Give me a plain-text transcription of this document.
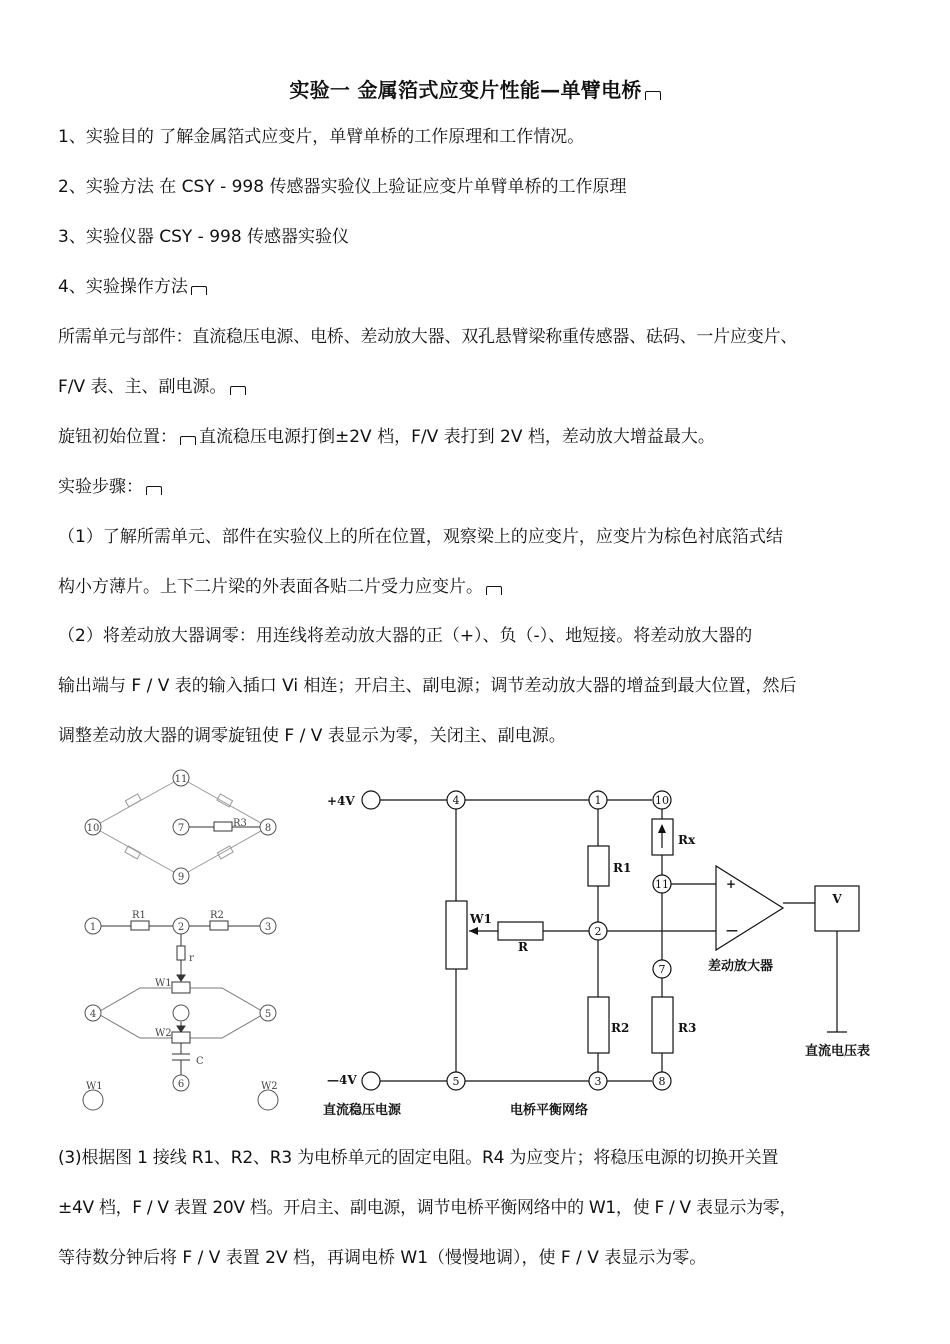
实验一 金属箔式应变片性能—单臂电桥

1、实验目的 了解金属箔式应变片，单臂单桥的工作原理和工作情况。

2、实验方法 在 CSY - 998 传感器实验仪上验证应变片单臂单桥的工作原理

3、实验仪器 CSY - 998 传感器实验仪

4、实验操作方法

所需单元与部件：直流稳压电源、电桥、差动放大器、双孔悬臂梁称重传感器、砝码、一片应变片、

F/V 表、主、副电源。

旋钮初始位置： 直流稳压电源打倒±2V 档，F/V 表打到 2V 档，差动放大增益最大。

实验步骤：

（1）了解所需单元、部件在实验仪上的所在位置，观察梁上的应变片，应变片为棕色衬底箔式结

构小方薄片。上下二片梁的外表面各贴二片受力应变片。

（2）将差动放大器调零：用连线将差动放大器的正（+）、负（-）、地短接。将差动放大器的

输出端与 F / V 表的输入插口 Vi 相连；开启主、副电源；调节差动放大器的增益到最大位置，然后

调整差动放大器的调零旋钮使 F / V 表显示为零，关闭主、副电源。

11
10	7	8
9
1	2	3
4	5
6
R3
R1	R2
r
W1
W2
C
W1	W2
4	1	10
11
2
7
5	3	8
V
+4V
—4V
Rx
R1
R2	R3
W1
R
+
—
差动放大器
直流电压表
直流稳压电源	电桥平衡网络

(3)根据图 1 接线 R1、R2、R3 为电桥单元的固定电阻。R4 为应变片；将稳压电源的切换开关置

±4V 档，F / V 表置 20V 档。开启主、副电源，调节电桥平衡网络中的 W1，使 F / V 表显示为零，

等待数分钟后将 F / V 表置 2V 档，再调电桥 W1（慢慢地调），使 F / V 表显示为零。
